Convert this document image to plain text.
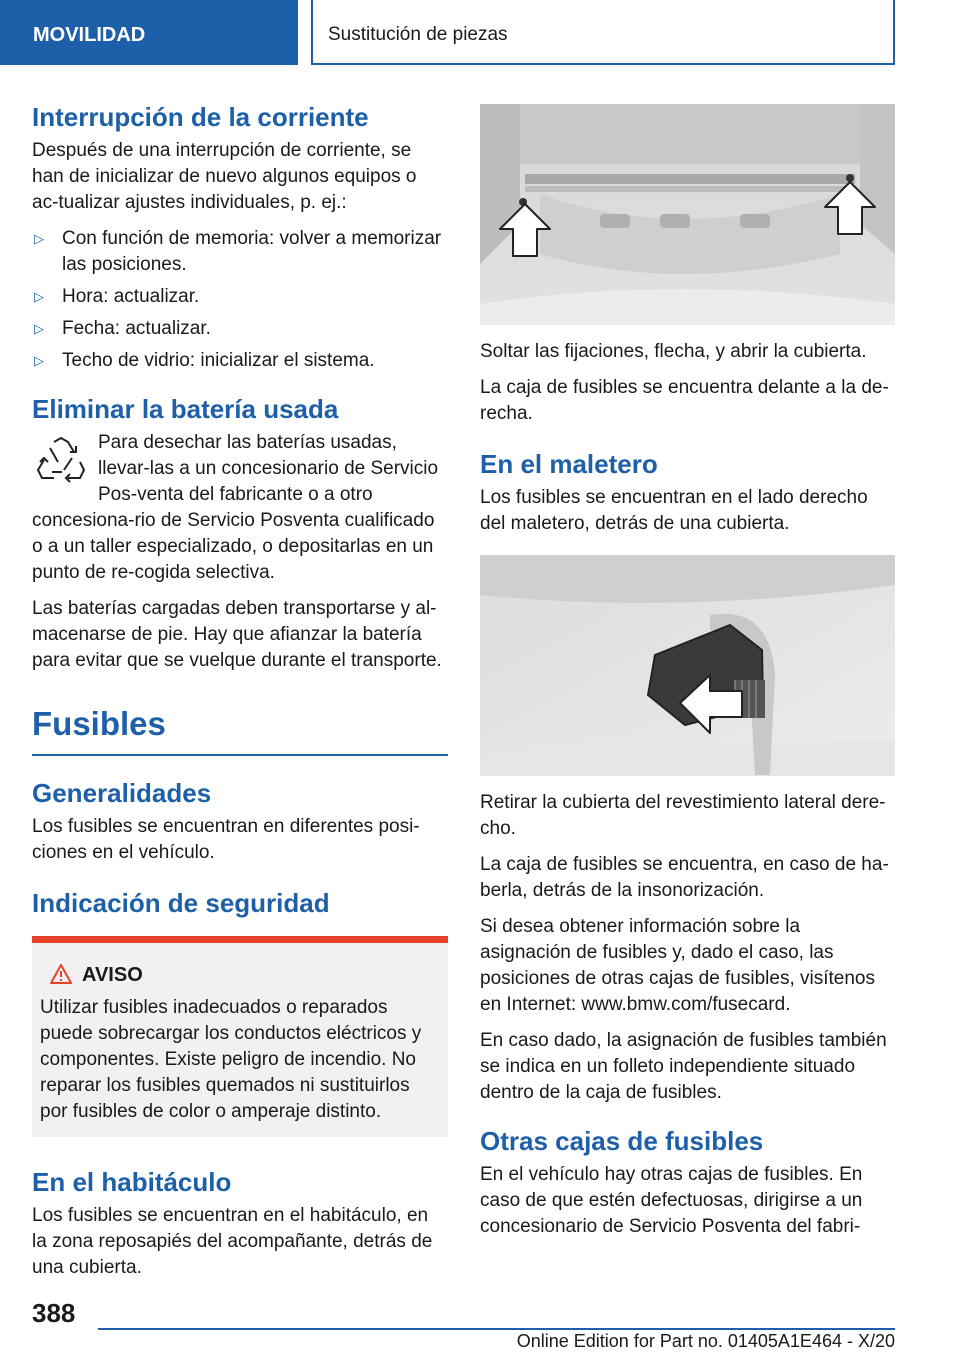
MOVILIDAD	Sustitución de piezas
Interrupción de la corriente

Después de una interrupción de corriente, se han de inicializar de nuevo algunos equipos o ac-tualizar ajustes individuales, p. ej.:

▷ Con función de memoria: volver a memorizar las posiciones.
▷ Hora: actualizar.
▷ Fecha: actualizar.
▷ Techo de vidrio: inicializar el sistema.
Eliminar la batería usada

Para desechar las baterías usadas, llevar-las a un concesionario de Servicio Pos-venta del fabricante o a otro concesiona-rio de Servicio Posventa cualificado o a un taller especializado, o depositarlas en un punto de re-cogida selectiva.

Las baterías cargadas deben transportarse y al-macenarse de pie. Hay que afianzar la batería para evitar que se vuelque durante el transporte.

Fusibles
Generalidades

Los fusibles se encuentran en diferentes posi-ciones en el vehículo.

Indicación de seguridad
AVISO

Utilizar fusibles inadecuados o reparados puede sobrecargar los conductos eléctricos y componentes. Existe peligro de incendio. No reparar los fusibles quemados ni sustituirlos por fusibles de color o amperaje distinto.

En el habitáculo

Los fusibles se encuentran en el habitáculo, en la zona reposapiés del acompañante, detrás de una cubierta.

Soltar las fijaciones, flecha, y abrir la cubierta.

La caja de fusibles se encuentra delante a la de-recha.

En el maletero

Los fusibles se encuentran en el lado derecho del maletero, detrás de una cubierta.

Retirar la cubierta del revestimiento lateral dere-cho.

La caja de fusibles se encuentra, en caso de ha-berla, detrás de la insonorización.

Si desea obtener información sobre la asignación de fusibles y, dado el caso, las posiciones de otras cajas de fusibles, visítenos en Internet: www.bmw.com/fusecard.

En caso dado, la asignación de fusibles también se indica en un folleto independiente situado dentro de la caja de fusibles.

Otras cajas de fusibles

En el vehículo hay otras cajas de fusibles. En caso de que estén defectuosas, dirigirse a un concesionario de Servicio Posventa del fabri-

388
Online Edition for Part no. 01405A1E464 - X/20
